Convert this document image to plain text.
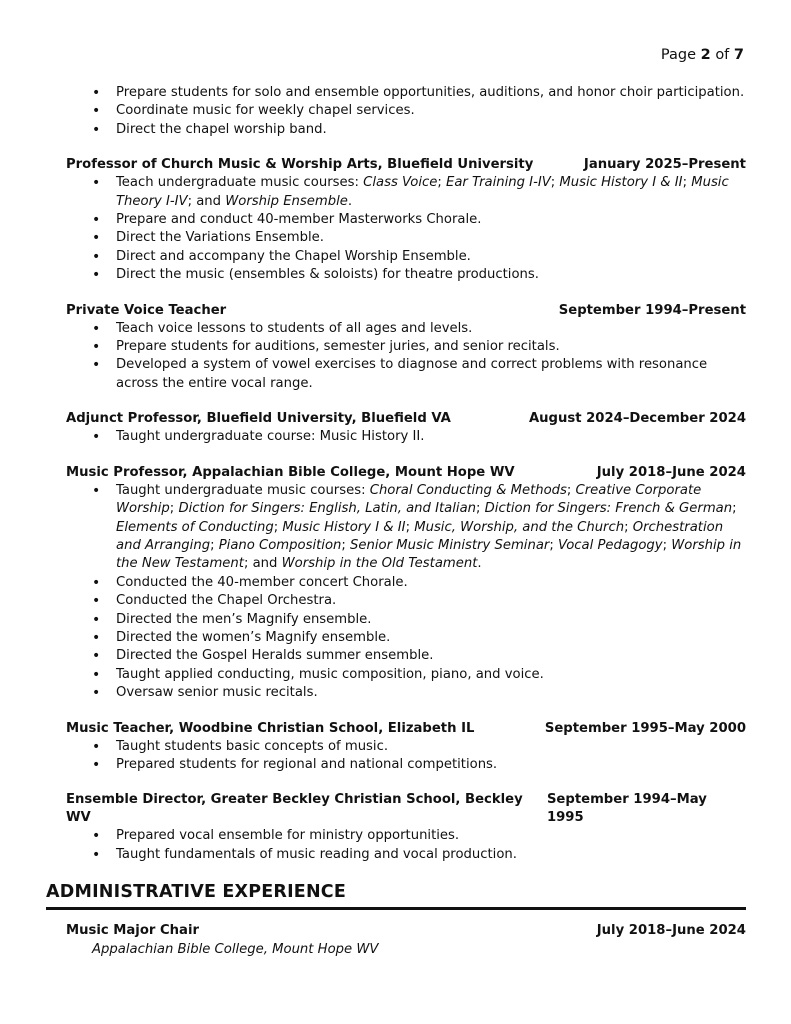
Page 2 of 7
• Prepare students for solo and ensemble opportunities, auditions, and honor choir participation.
• Coordinate music for weekly chapel services.
• Direct the chapel worship band.
Professor of Church Music & Worship Arts, Bluefield University	January 2025–Present
• Teach undergraduate music courses: Class Voice; Ear Training I-IV; Music History I & II; Music Theory I-IV; and Worship Ensemble.
• Prepare and conduct 40-member Masterworks Chorale.
• Direct the Variations Ensemble.
• Direct and accompany the Chapel Worship Ensemble.
• Direct the music (ensembles & soloists) for theatre productions.
Private Voice Teacher	September 1994–Present
• Teach voice lessons to students of all ages and levels.
• Prepare students for auditions, semester juries, and senior recitals.
• Developed a system of vowel exercises to diagnose and correct problems with resonance across the entire vocal range.
Adjunct Professor, Bluefield University, Bluefield VA	August 2024–December 2024
• Taught undergraduate course: Music History II.
Music Professor, Appalachian Bible College, Mount Hope WV	July 2018–June 2024
• Taught undergraduate music courses: Choral Conducting & Methods; Creative Corporate Worship; Diction for Singers: English, Latin, and Italian; Diction for Singers: French & German; Elements of Conducting; Music History I & II; Music, Worship, and the Church; Orchestration and Arranging; Piano Composition; Senior Music Ministry Seminar; Vocal Pedagogy; Worship in the New Testament; and Worship in the Old Testament.
• Conducted the 40-member concert Chorale.
• Conducted the Chapel Orchestra.
• Directed the men’s Magnify ensemble.
• Directed the women’s Magnify ensemble.
• Directed the Gospel Heralds summer ensemble.
• Taught applied conducting, music composition, piano, and voice.
• Oversaw senior music recitals.
Music Teacher, Woodbine Christian School, Elizabeth IL	September 1995–May 2000
• Taught students basic concepts of music.
• Prepared students for regional and national competitions.
Ensemble Director, Greater Beckley Christian School, Beckley WV
September 1994–May 1995
• Prepared vocal ensemble for ministry opportunities.
• Taught fundamentals of music reading and vocal production.
ADMINISTRATIVE EXPERIENCE
Music Major Chair	July 2018–June 2024
Appalachian Bible College, Mount Hope WV
